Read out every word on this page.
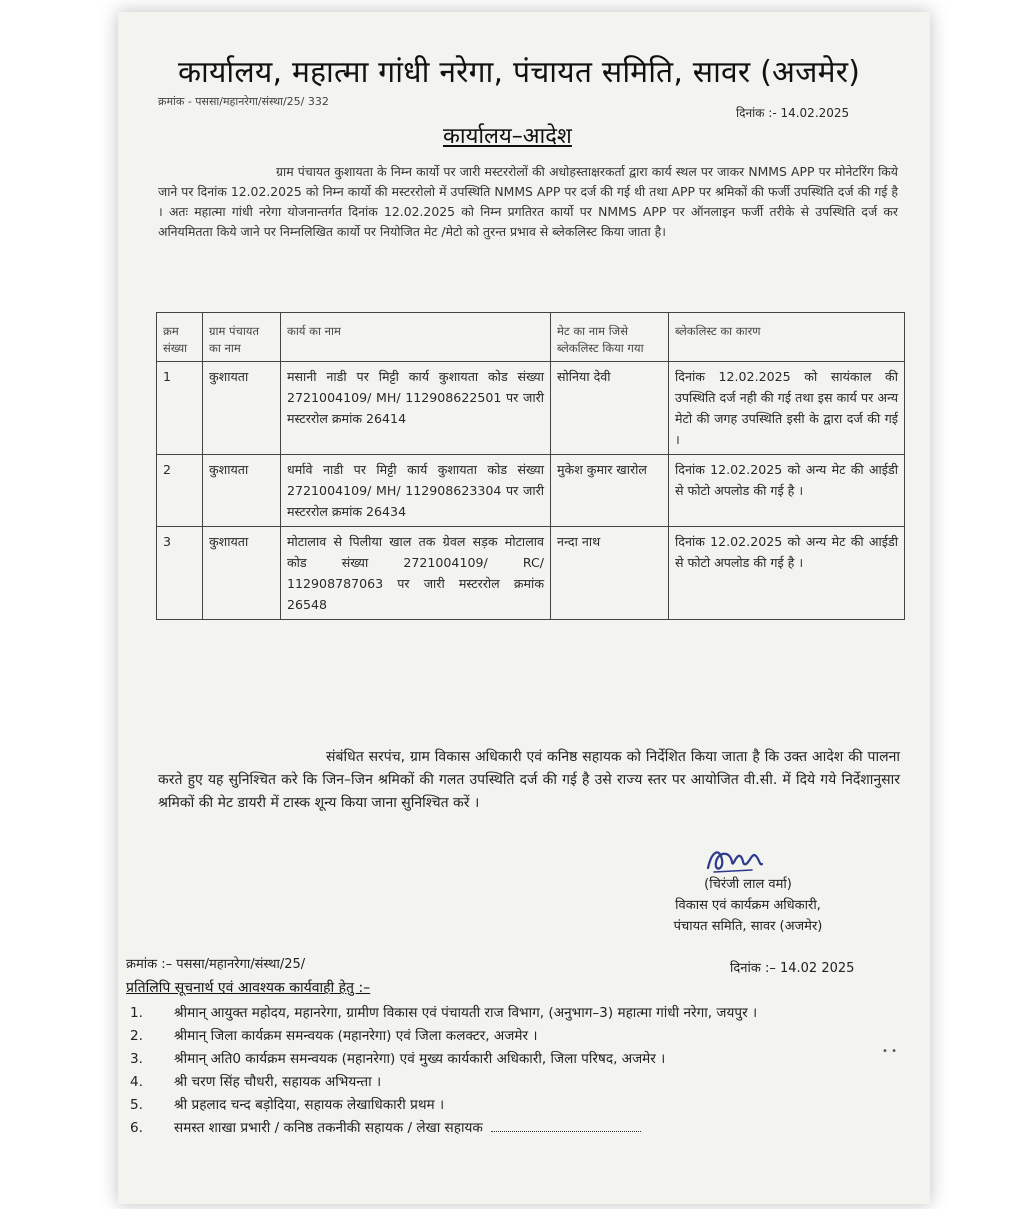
कार्यालय, महात्मा गांधी नरेगा, पंचायत समिति, सावर (अजमेर)
क्रमांक - पससा/महानरेगा/संस्था/25/ 332
दिनांक :- 14.02.2025
कार्यालय–आदेश
ग्राम पंचायत कुशायता के निम्न कार्यो पर जारी मस्टररोलों की अधोहस्ताक्षरकर्ता द्वारा कार्य स्थल पर जाकर NMMS APP पर मोनेटरिंग किये जाने पर दिनांक 12.02.2025 को निम्न कार्यो की मस्टररोलो में उपस्थिति NMMS APP पर दर्ज की गई थी तथा APP पर श्रमिकों की फर्जी उपस्थिति दर्ज की गई है । अतः महात्मा गांधी नरेगा योजनान्तर्गत दिनांक 12.02.2025 को निम्न प्रगतिरत कार्यो पर NMMS APP पर ऑनलाइन फर्जी तरीके से उपस्थिति दर्ज कर अनियमितता किये जाने पर निम्नलिखित कार्यो पर नियोजित मेट /मेटो को तुरन्त प्रभाव से ब्लेकलिस्ट किया जाता है।
क्रम संख्या	ग्राम पंचायत का नाम	कार्य का नाम	मेट का नाम जिसे ब्लेकलिस्ट किया गया	ब्लेकलिस्ट का कारण
1	कुशायता	मसानी नाडी पर मिट्टी कार्य कुशायता कोड संख्या 2721004109/ MH/ 112908622501 पर जारी मस्टररोल क्रमांक 26414	सोनिया देवी	दिनांक 12.02.2025 को सायंकाल की उपस्थिति दर्ज नही की गई तथा इस कार्य पर अन्य मेटो की जगह उपस्थिति इसी के द्वारा दर्ज की गई ।
2	कुशायता	धर्मावे नाडी पर मिट्टी कार्य कुशायता कोड संख्या 2721004109/ MH/ 112908623304 पर जारी मस्टररोल क्रमांक 26434	मुकेश कुमार खारोल	दिनांक 12.02.2025 को अन्य मेट की आईडी से फोटो अपलोड की गई है ।
3	कुशायता	मोटालाव से पिलीया खाल तक ग्रेवल सड़क मोटालाव कोड संख्या 2721004109/ RC/ 112908787063 पर जारी मस्टररोल क्रमांक 26548	नन्दा नाथ	दिनांक 12.02.2025 को अन्य मेट की आईडी से फोटो अपलोड की गई है ।
संबंधित सरपंच, ग्राम विकास अधिकारी एवं कनिष्ठ सहायक को निर्देशित किया जाता है कि उक्त आदेश की पालना करते हुए यह सुनिश्चित करे कि जिन–जिन श्रमिकों की गलत उपस्थिति दर्ज की गई है उसे राज्य स्तर पर आयोजित वी.सी. में दिये गये निर्देशानुसार श्रमिकों की मेट डायरी में टास्क शून्य किया जाना सुनिश्चित करें ।
(चिरंजी लाल वर्मा)
विकास एवं कार्यक्रम अधिकारी,
पंचायत समिति, सावर (अजमेर)
क्रमांक :– पससा/महानरेगा/संस्था/25/	दिनांक :– 14.02 2025
प्रतिलिपि सूचनार्थ एवं आवश्यक कार्यवाही हेतु :–
1. श्रीमान् आयुक्त महोदय, महानरेगा, ग्रामीण विकास एवं पंचायती राज विभाग, (अनुभाग–3) महात्मा गांधी नरेगा, जयपुर ।
2. श्रीमान् जिला कार्यक्रम समन्वयक (महानरेगा) एवं जिला कलक्टर, अजमेर ।
3. श्रीमान् अति0 कार्यक्रम समन्वयक (महानरेगा) एवं मुख्य कार्यकारी अधिकारी, जिला परिषद, अजमेर ।
4. श्री चरण सिंह चौधरी, सहायक अभियन्ता ।
5. श्री प्रहलाद चन्द बड़ोदिया, सहायक लेखाधिकारी प्रथम ।
6. समस्त शाखा प्रभारी / कनिष्ठ तकनीकी सहायक / लेखा सहायक
• •
